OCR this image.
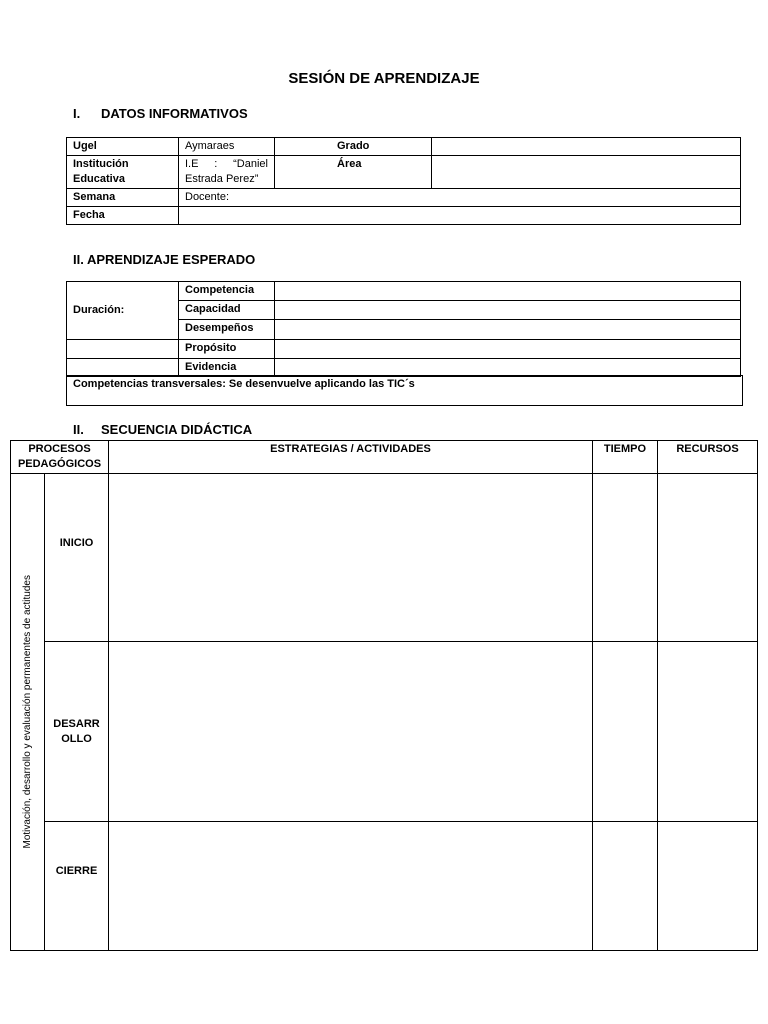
SESIÓN DE APRENDIZAJE
I. DATOS INFORMATIVOS
Ugel	Aymaraes	Grado	
Institución Educativa	I.E : “Daniel Estrada Perez”	Área	
Semana	Docente:		
Fecha			
II. APRENDIZAJE ESPERADO
Duración:	Competencia	
	Capacidad	
	Desempeños	
	Propósito	
	Evidencia	
Competencias transversales: Se desenvuelve aplicando las TIC´s
II. SECUENCIA DIDÁCTICA
PROCESOS PEDAGÓGICOS		ESTRATEGIAS / ACTIVIDADES	TIEMPO	RECURSOS

Motivación, desarrollo y evaluación permanentes de actitudes	INICIO			
	DESARR OLLO			
	CIERRE			
